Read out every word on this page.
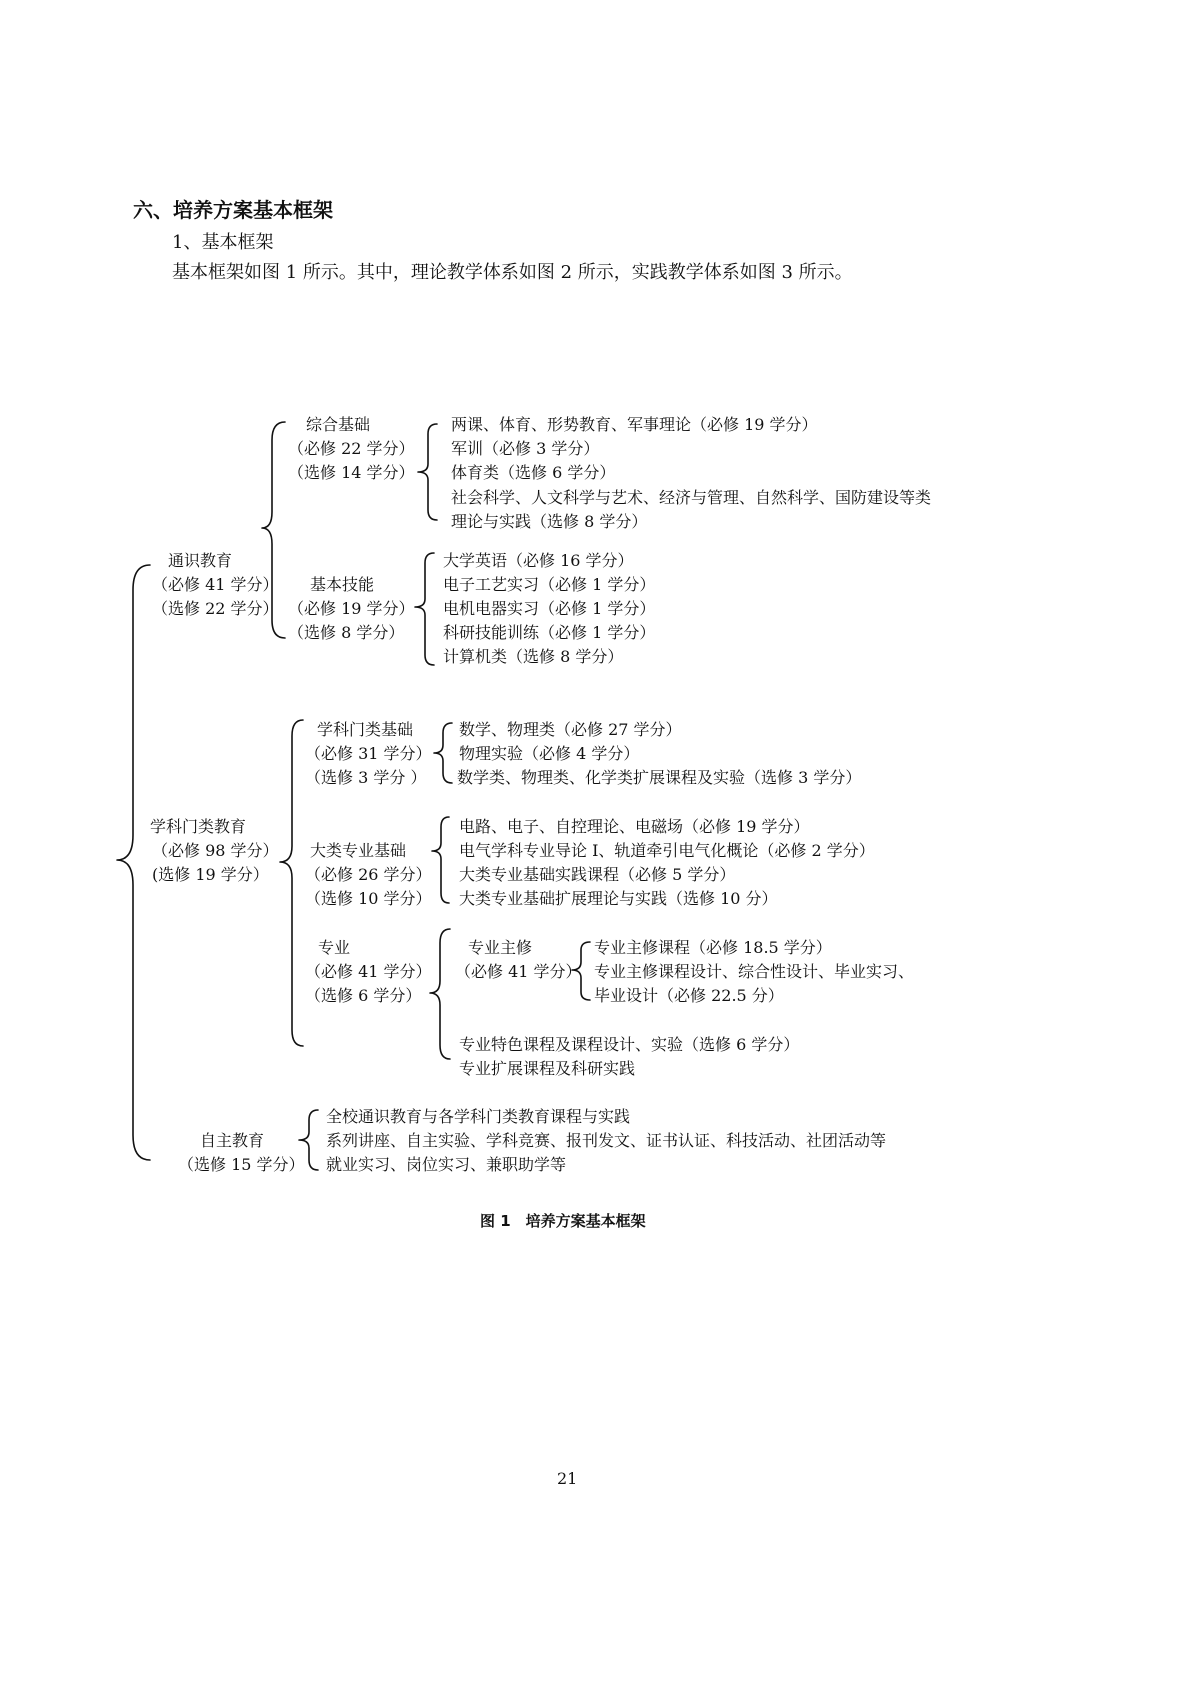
六、培养方案基本框架
1、基本框架
基本框架如图 1 所示。其中，理论教学体系如图 2 所示，实践教学体系如图 3 所示。
通识教育
（必修 41 学分）
（选修 22 学分）
综合基础
（必修 22 学分）
（选修 14 学分）
两课、体育、形势教育、军事理论（必修 19 学分）
军训（必修 3 学分）
体育类（选修 6 学分）
社会科学、人文科学与艺术、经济与管理、自然科学、国防建设等类
理论与实践（选修 8 学分）
基本技能
（必修 19 学分）
（选修 8 学分）
大学英语（必修 16 学分）
电子工艺实习（必修 1 学分）
电机电器实习（必修 1 学分）
科研技能训练（必修 1 学分）
计算机类（选修 8 学分）
学科门类教育
（必修 98 学分）
(选修 19 学分）
学科门类基础
（必修 31 学分）
（选修 3 学分 ）
数学、物理类（必修 27 学分）
物理实验（必修 4 学分）
数学类、物理类、化学类扩展课程及实验（选修 3 学分）
大类专业基础
（必修 26 学分）
（选修 10 学分）
电路、电子、自控理论、电磁场（必修 19 学分）
电气学科专业导论 I、轨道牵引电气化概论（必修 2 学分）
大类专业基础实践课程（必修 5 学分）
大类专业基础扩展理论与实践（选修 10 分）
专业
（必修 41 学分）
（选修 6 学分）
专业主修
（必修 41 学分）
专业主修课程（必修 18.5 学分）
专业主修课程设计、综合性设计、毕业实习、
毕业设计（必修 22.5 分）
专业特色课程及课程设计、实验（选修 6 学分）
专业扩展课程及科研实践
自主教育
（选修 15 学分）
全校通识教育与各学科门类教育课程与实践
系列讲座、自主实验、学科竞赛、报刊发文、证书认证、科技活动、社团活动等
就业实习、岗位实习、兼职助学等
图 1　培养方案基本框架
21
